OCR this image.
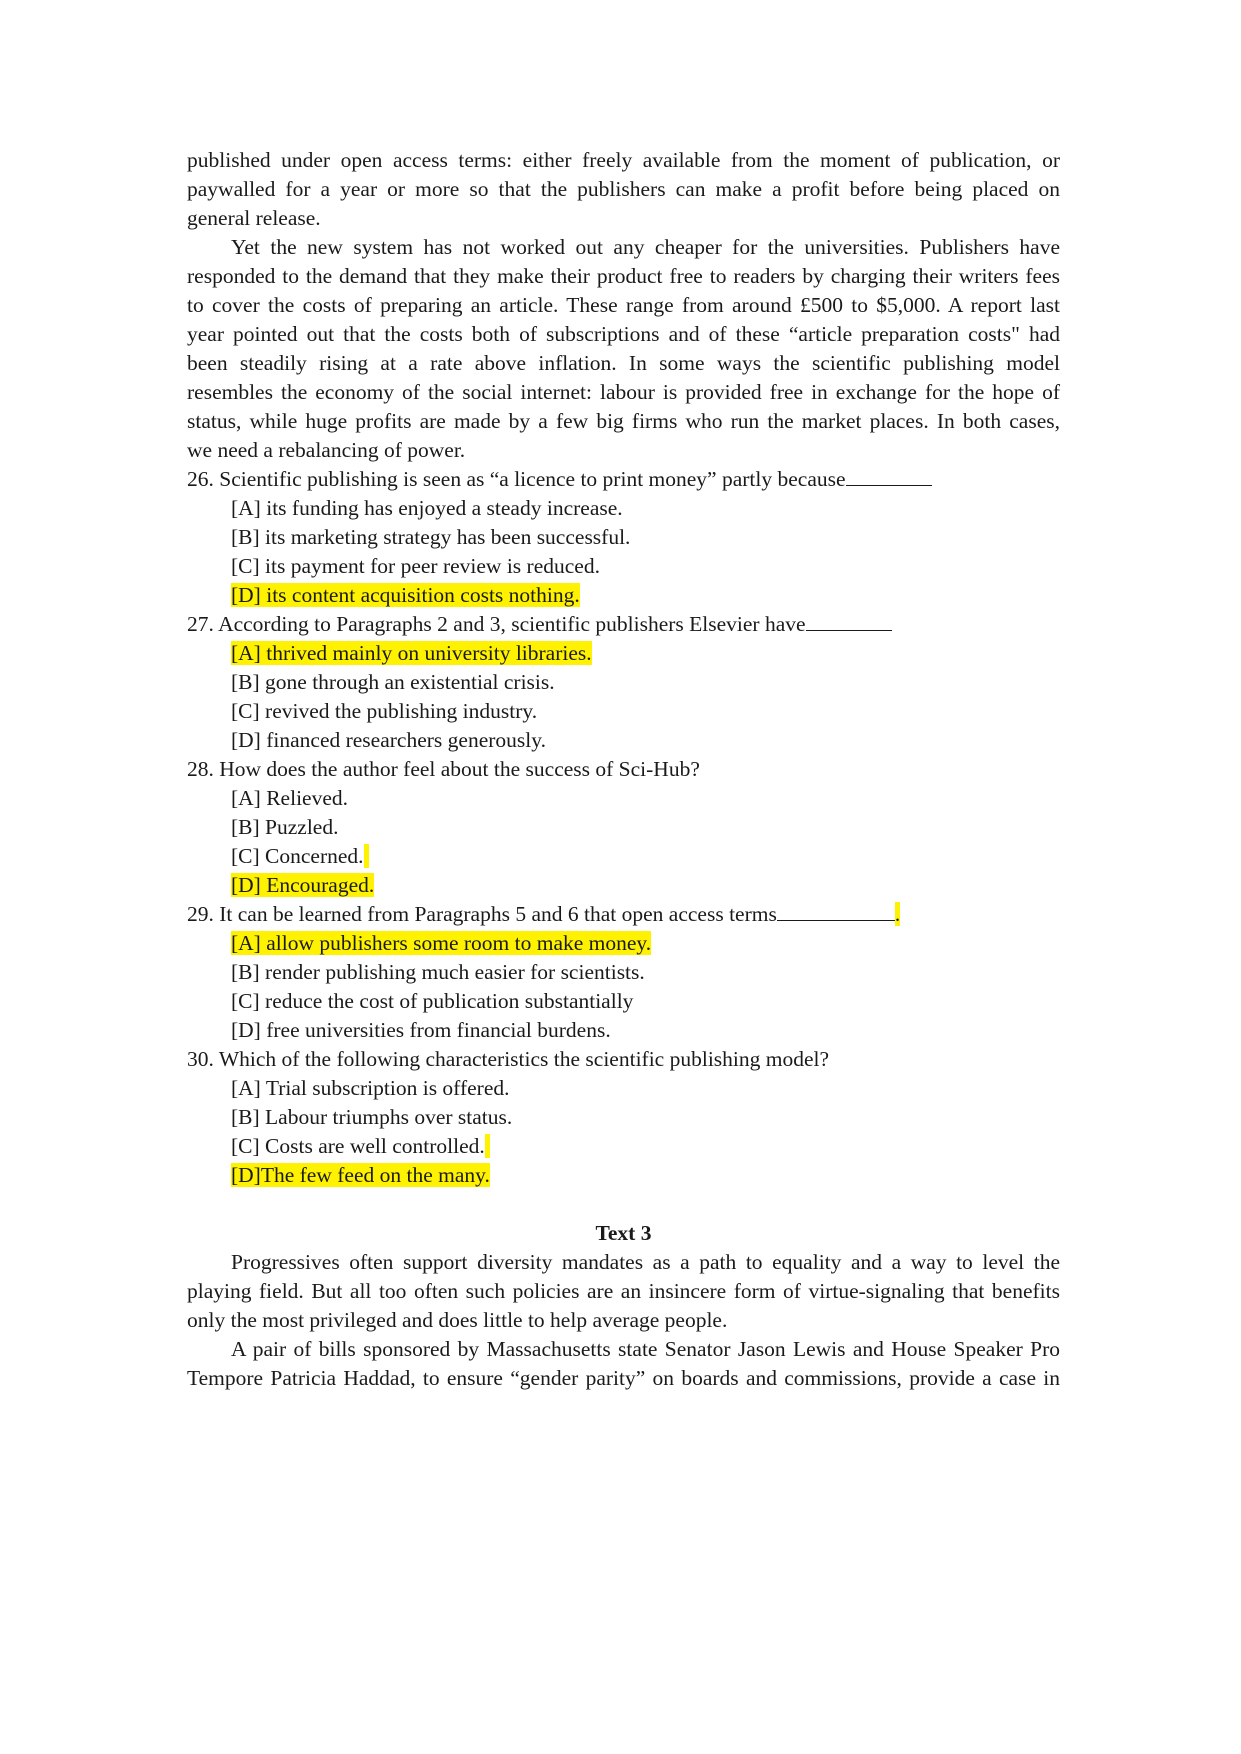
published under open access terms: either freely available from the moment of publication, or
paywalled for a year or more so that the publishers can make a profit before being placed on
general release.
Yet the new system has not worked out any cheaper for the universities. Publishers have
responded to the demand that they make their product free to readers by charging their writers fees
to cover the costs of preparing an article. These range from around £500 to $5,000. A report last
year pointed out that the costs both of subscriptions and of these “article preparation costs" had
been steadily rising at a rate above inflation. In some ways the scientific publishing model
resembles the economy of the social internet: labour is provided free in exchange for the hope of
status, while huge profits are made by a few big firms who run the market places. In both cases,
we need a rebalancing of power.
26. Scientific publishing is seen as “a licence to print money” partly because
[A] its funding has enjoyed a steady increase.
[B] its marketing strategy has been successful.
[C] its payment for peer review is reduced.
[D] its content acquisition costs nothing.
27. According to Paragraphs 2 and 3, scientific publishers Elsevier have
[A] thrived mainly on university libraries.
[B] gone through an existential crisis.
[C] revived the publishing industry.
[D] financed researchers generously.
28. How does the author feel about the success of Sci-Hub?
[A] Relieved.
[B] Puzzled.
[C] Concerned.
[D] Encouraged.
29. It can be learned from Paragraphs 5 and 6 that open access terms	.
[A] allow publishers some room to make money.
[B] render publishing much easier for scientists.
[C] reduce the cost of publication substantially
[D] free universities from financial burdens.
30. Which of the following characteristics the scientific publishing model?
[A] Trial subscription is offered.
[B] Labour triumphs over status.
[C] Costs are well controlled.
[D]The few feed on the many.
Text 3
Progressives often support diversity mandates as a path to equality and a way to level the
playing field. But all too often such policies are an insincere form of virtue-signaling that benefits
only the most privileged and does little to help average people.
A pair of bills sponsored by Massachusetts state Senator Jason Lewis and House Speaker Pro
Tempore Patricia Haddad, to ensure “gender parity” on boards and commissions, provide a case in
